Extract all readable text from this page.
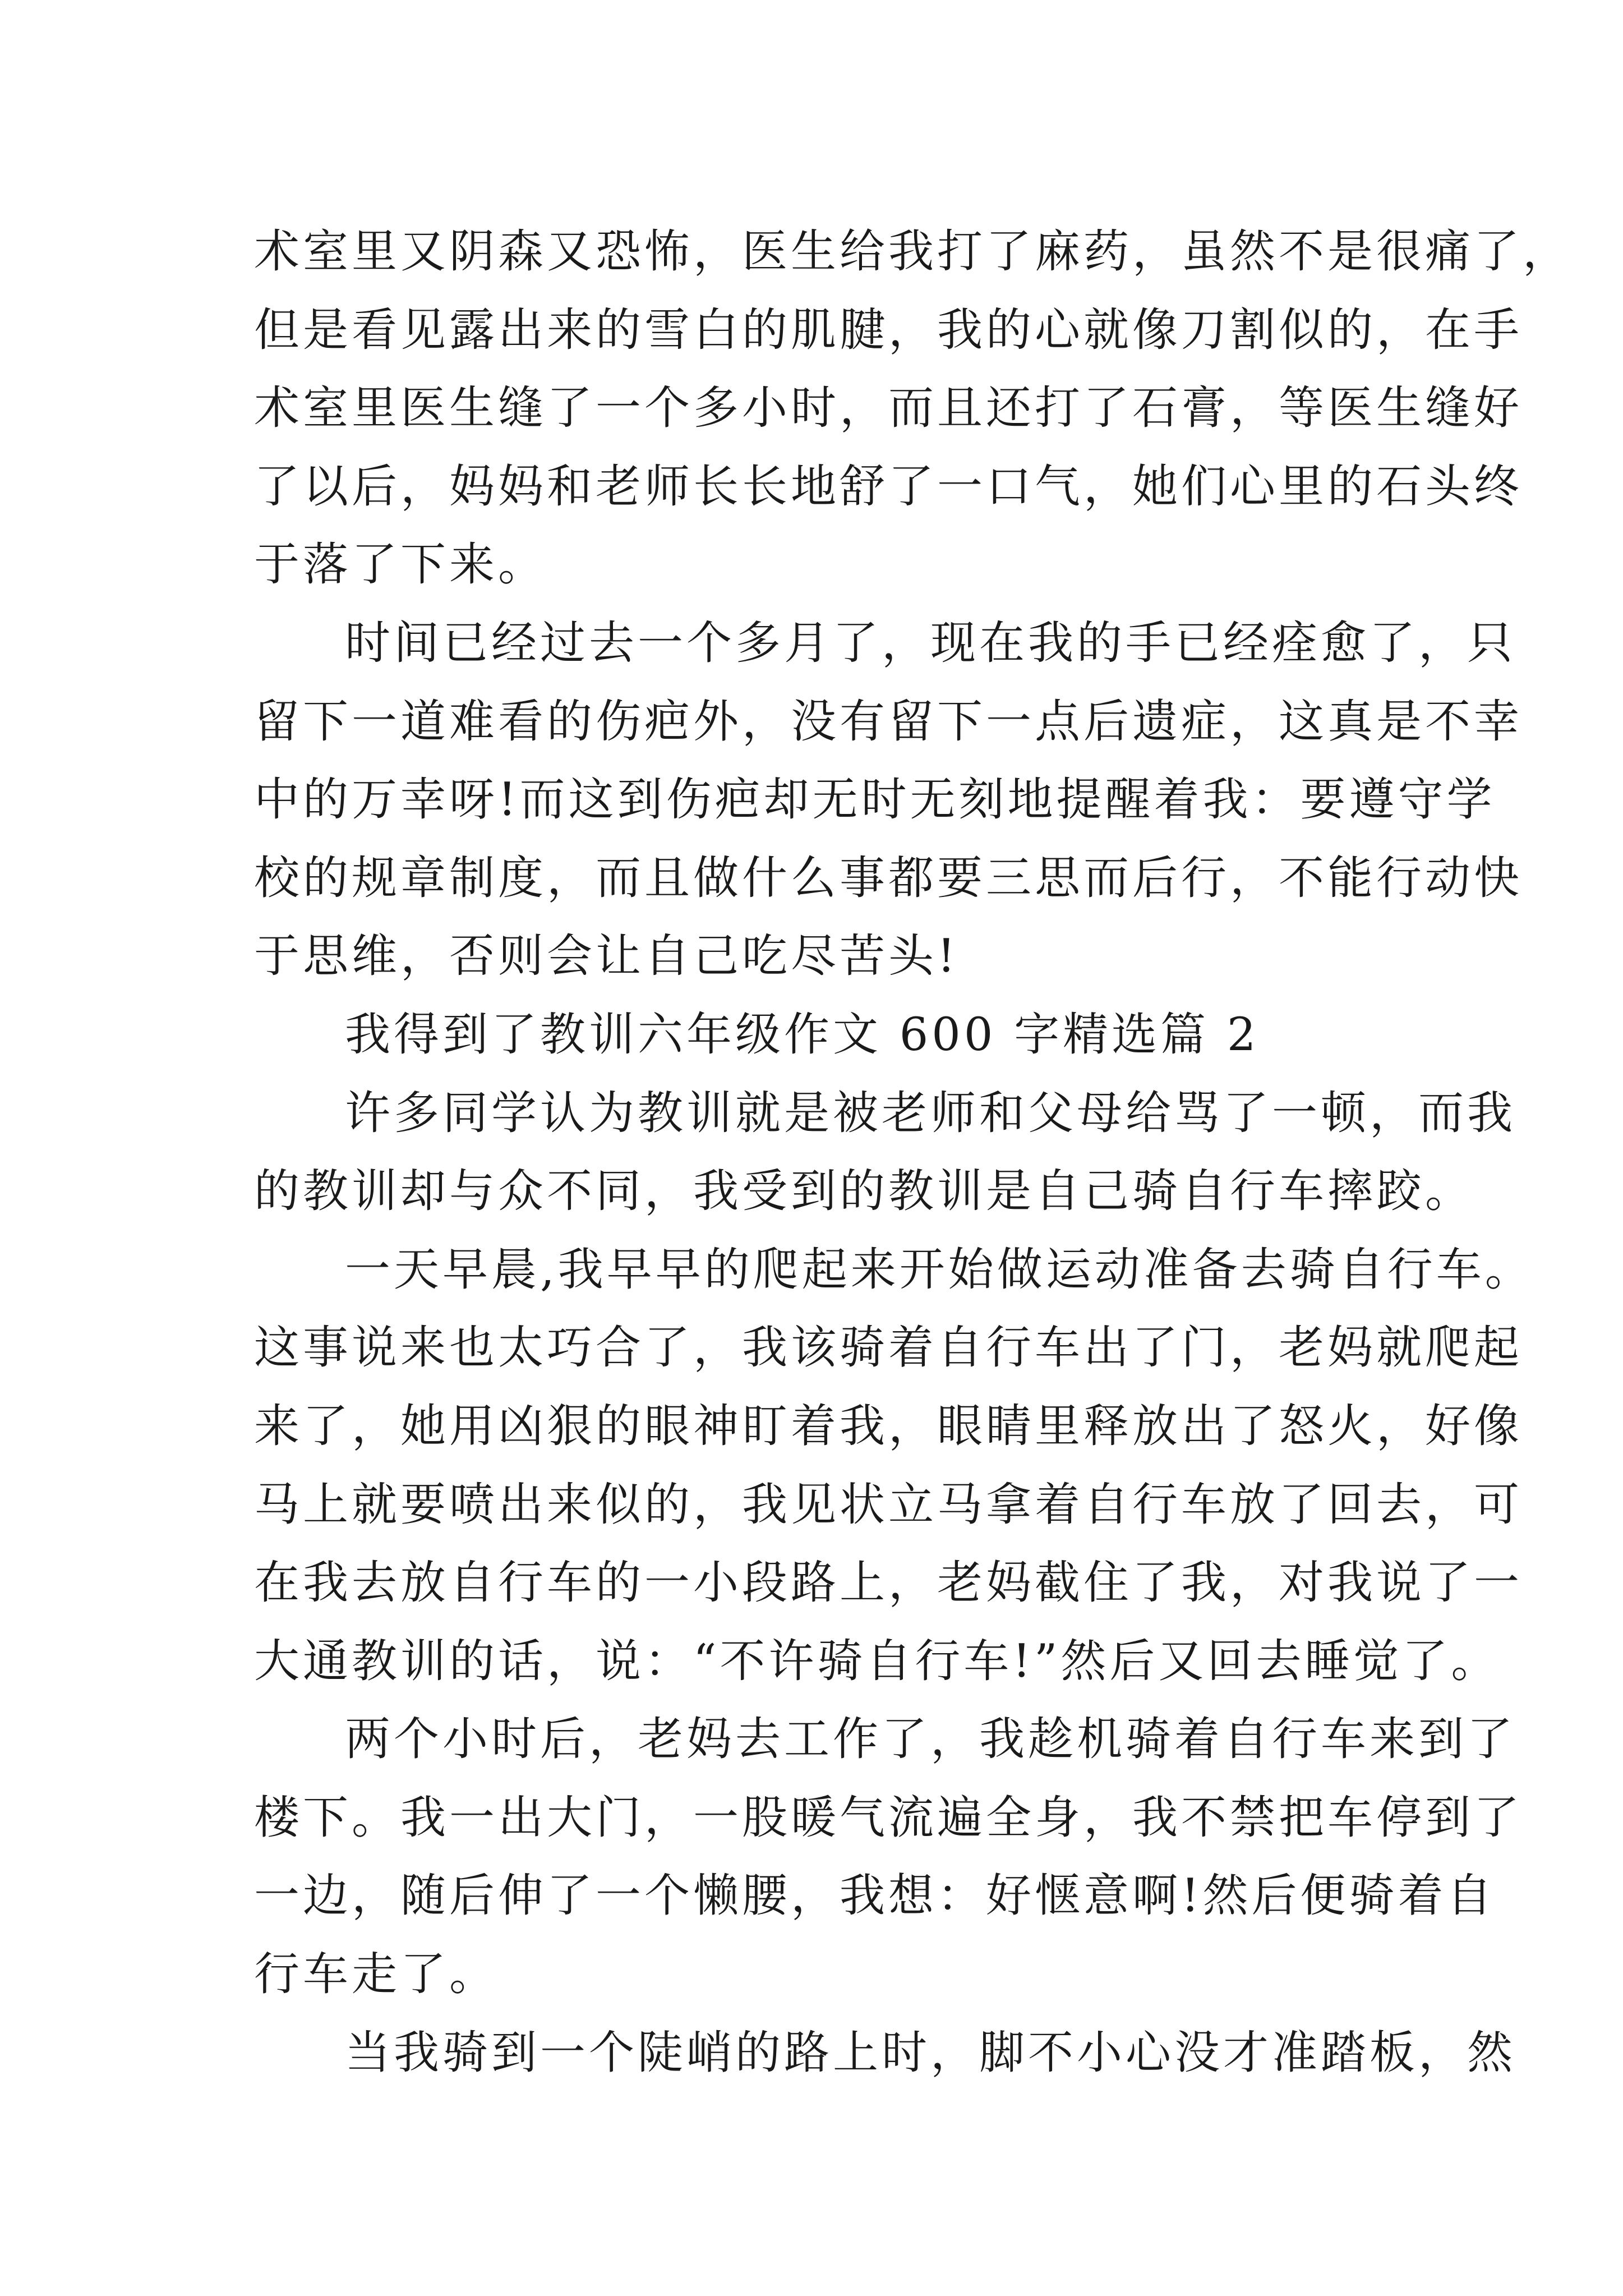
术室里又阴森又恐怖，医生给我打了麻药，虽然不是很痛了，
但是看见露出来的雪白的肌腱，我的心就像刀割似的，在手
术室里医生缝了一个多小时，而且还打了石膏，等医生缝好
了以后，妈妈和老师长长地舒了一口气，她们心里的石头终
于落了下来。
时间已经过去一个多月了，现在我的手已经痊愈了，只
留下一道难看的伤疤外，没有留下一点后遗症，这真是不幸
中的万幸呀!而这到伤疤却无时无刻地提醒着我：要遵守学
校的规章制度，而且做什么事都要三思而后行，不能行动快
于思维，否则会让自己吃尽苦头!
我得到了教训六年级作文 600 字精选篇 2
许多同学认为教训就是被老师和父母给骂了一顿，而我
的教训却与众不同，我受到的教训是自己骑自行车摔跤。
一天早晨,我早早的爬起来开始做运动准备去骑自行车。
这事说来也太巧合了，我该骑着自行车出了门，老妈就爬起
来了，她用凶狠的眼神盯着我，眼睛里释放出了怒火，好像
马上就要喷出来似的，我见状立马拿着自行车放了回去，可
在我去放自行车的一小段路上，老妈截住了我，对我说了一
大通教训的话，说：“不许骑自行车!”然后又回去睡觉了。
两个小时后，老妈去工作了，我趁机骑着自行车来到了
楼下。我一出大门，一股暖气流遍全身，我不禁把车停到了
一边，随后伸了一个懒腰，我想：好惬意啊!然后便骑着自
行车走了。
当我骑到一个陡峭的路上时，脚不小心没才准踏板，然
